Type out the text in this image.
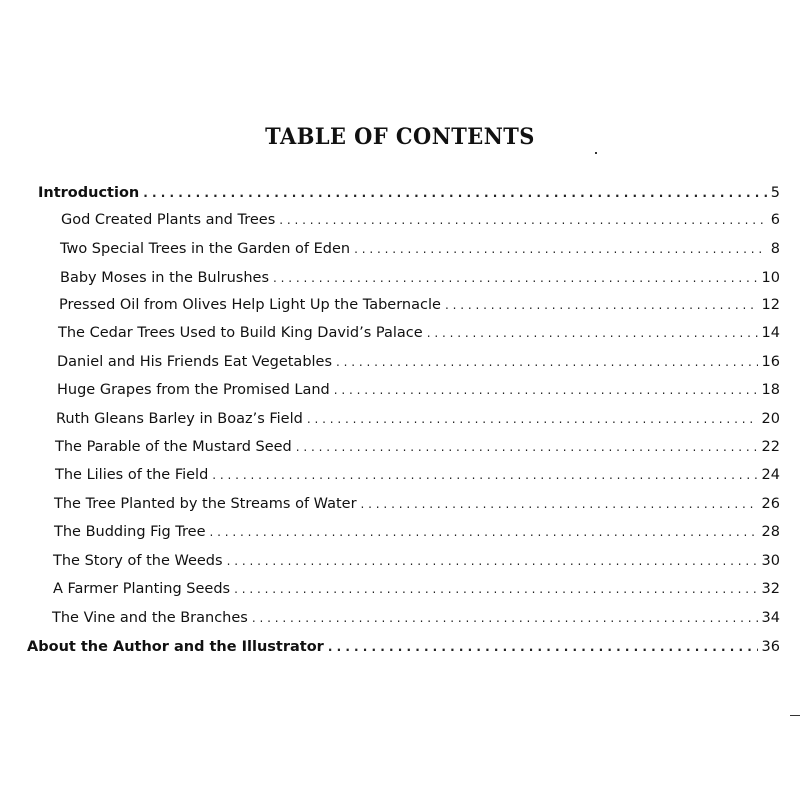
TABLE OF CONTENTS
Introduction . . .	5
God Created Plants and Trees . . .	6
Two Special Trees in the Garden of Eden . . .	8
Baby Moses in the Bulrushes . . .	10
Pressed Oil from Olives Help Light Up the Tabernacle . . .	12
The Cedar Trees Used to Build King David’s Palace . . .	14
Daniel and His Friends Eat Vegetables . . .	16
Huge Grapes from the Promised Land . . .	18
Ruth Gleans Barley in Boaz’s Field . . .	20
The Parable of the Mustard Seed . . .	22
The Lilies of the Field . . .	24
The Tree Planted by the Streams of Water . . .	26
The Budding Fig Tree . . .	28
The Story of the Weeds . . .	30
A Farmer Planting Seeds . . .	32
The Vine and the Branches . . .	34
About the Author and the Illustrator . . .	36
